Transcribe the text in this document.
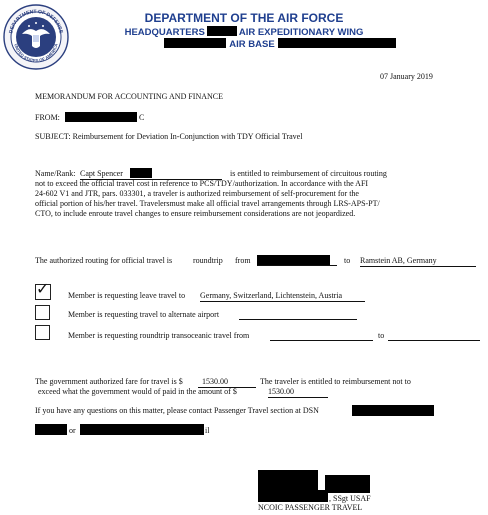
DEPARTMENT OF DEFENSE
UNITED STATES OF AMERICA
DEPARTMENT OF THE AIR FORCE
HEADQUARTERS	AIR EXPEDITIONARY WING
AIR BASE
07 January 2019
MEMORANDUM FOR ACCOUNTING AND FINANCE
FROM:	C
SUBJECT: Reimbursement for Deviation In-Conjunction with TDY Official Travel
Name/Rank: Capt Spencer	is entitled to reimbursement of circuitous routing
not to exceed the official travel cost in reference to PCS/TDY/authorization. In accordance with the AFI
24-602 V1 and JTR, pars. 033301, a traveler is authorized reimbursement of self-procurement for the
official portion of his/her travel. Travelersmust make all official travel arrangements through LRS-APS-PT/
CTO, to include enroute travel changes to ensure reimbursement considerations are not jeopardized.
The authorized routing for official travel is	roundtrip from	to Ramstein AB, Germany
✓ Member is requesting leave travel to Germany, Switzerland, Lichtenstein, Austria
Member is requesting travel to alternate airport
Member is requesting roundtrip transoceanic travel from	to
The government authorized fare for travel is $	1530.00	The traveler is entitled to reimbursement not to
exceed what the government would of paid in the amount of $	1530.00
If you have any questions on this matter, please contact Passenger Travel section at DSN
or	il
, SSgt USAF
NCOIC PASSENGER TRAVEL
